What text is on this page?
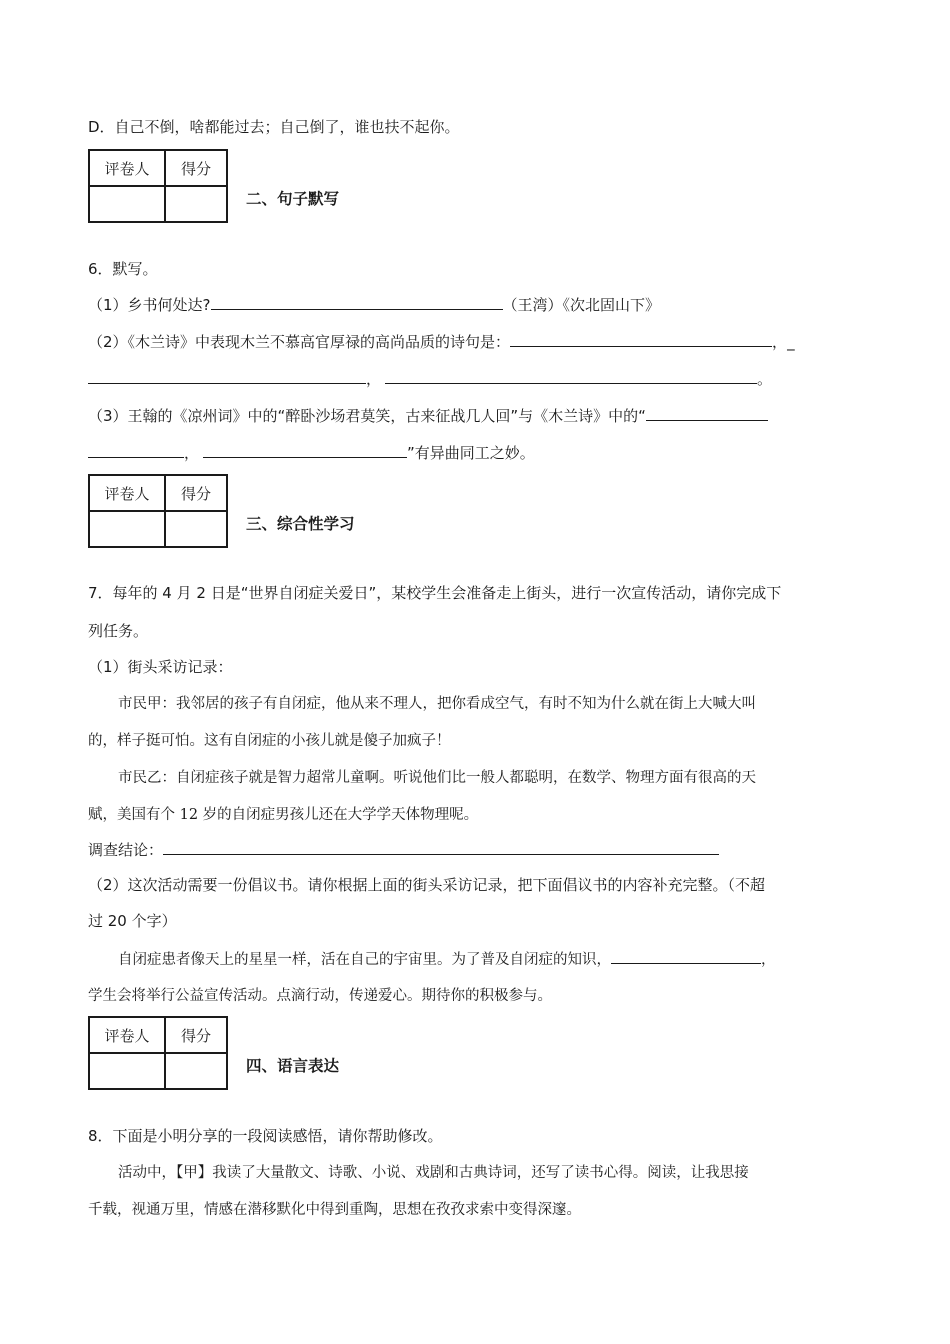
D．自己不倒，啥都能过去；自己倒了，谁也扶不起你。
评卷人	得分

二、句子默写
6．默写。
（1）乡书何处达?	（王湾）《次北固山下》
（2）《木兰诗》中表现木兰不慕高官厚禄的高尚品质的诗句是：	，_
，	。
（3）王翰的《凉州词》中的“醉卧沙场君莫笑，古来征战几人回”与《木兰诗》中的“
，	”有异曲同工之妙。
评卷人	得分

三、综合性学习
7．每年的 4 月 2 日是“世界自闭症关爱日”，某校学生会准备走上街头，进行一次宣传活动，请你完成下
列任务。
（1）街头采访记录：
市民甲：我邻居的孩子有自闭症，他从来不理人，把你看成空气，有时不知为什么就在街上大喊大叫
的，样子挺可怕。这有自闭症的小孩儿就是傻子加疯子！
市民乙：自闭症孩子就是智力超常儿童啊。听说他们比一般人都聪明，在数学、物理方面有很高的天
赋，美国有个 12 岁的自闭症男孩儿还在大学学天体物理呢。
调查结论：
（2）这次活动需要一份倡议书。请你根据上面的街头采访记录，把下面倡议书的内容补充完整。（不超
过 20 个字）
自闭症患者像天上的星星一样，活在自己的宇宙里。为了普及自闭症的知识，	，
学生会将举行公益宣传活动。点滴行动，传递爱心。期待你的积极参与。
评卷人	得分

四、语言表达
8．下面是小明分享的一段阅读感悟，请你帮助修改。
活动中，【甲】我读了大量散文、诗歌、小说、戏剧和古典诗词，还写了读书心得。阅读，让我思接
千载，视通万里，情感在潜移默化中得到重陶，思想在孜孜求索中变得深邃。
